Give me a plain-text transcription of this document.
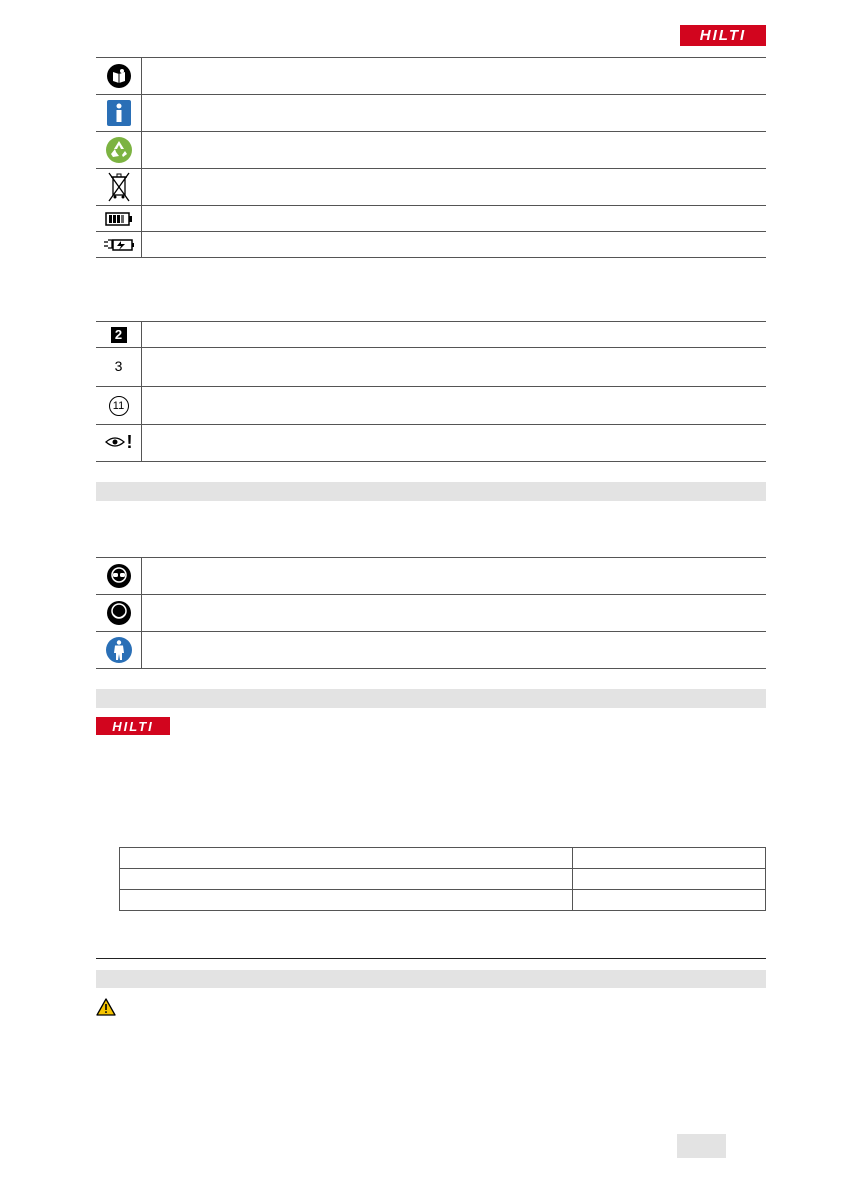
HILTI

2	
3	
11	

!	

HILTI
